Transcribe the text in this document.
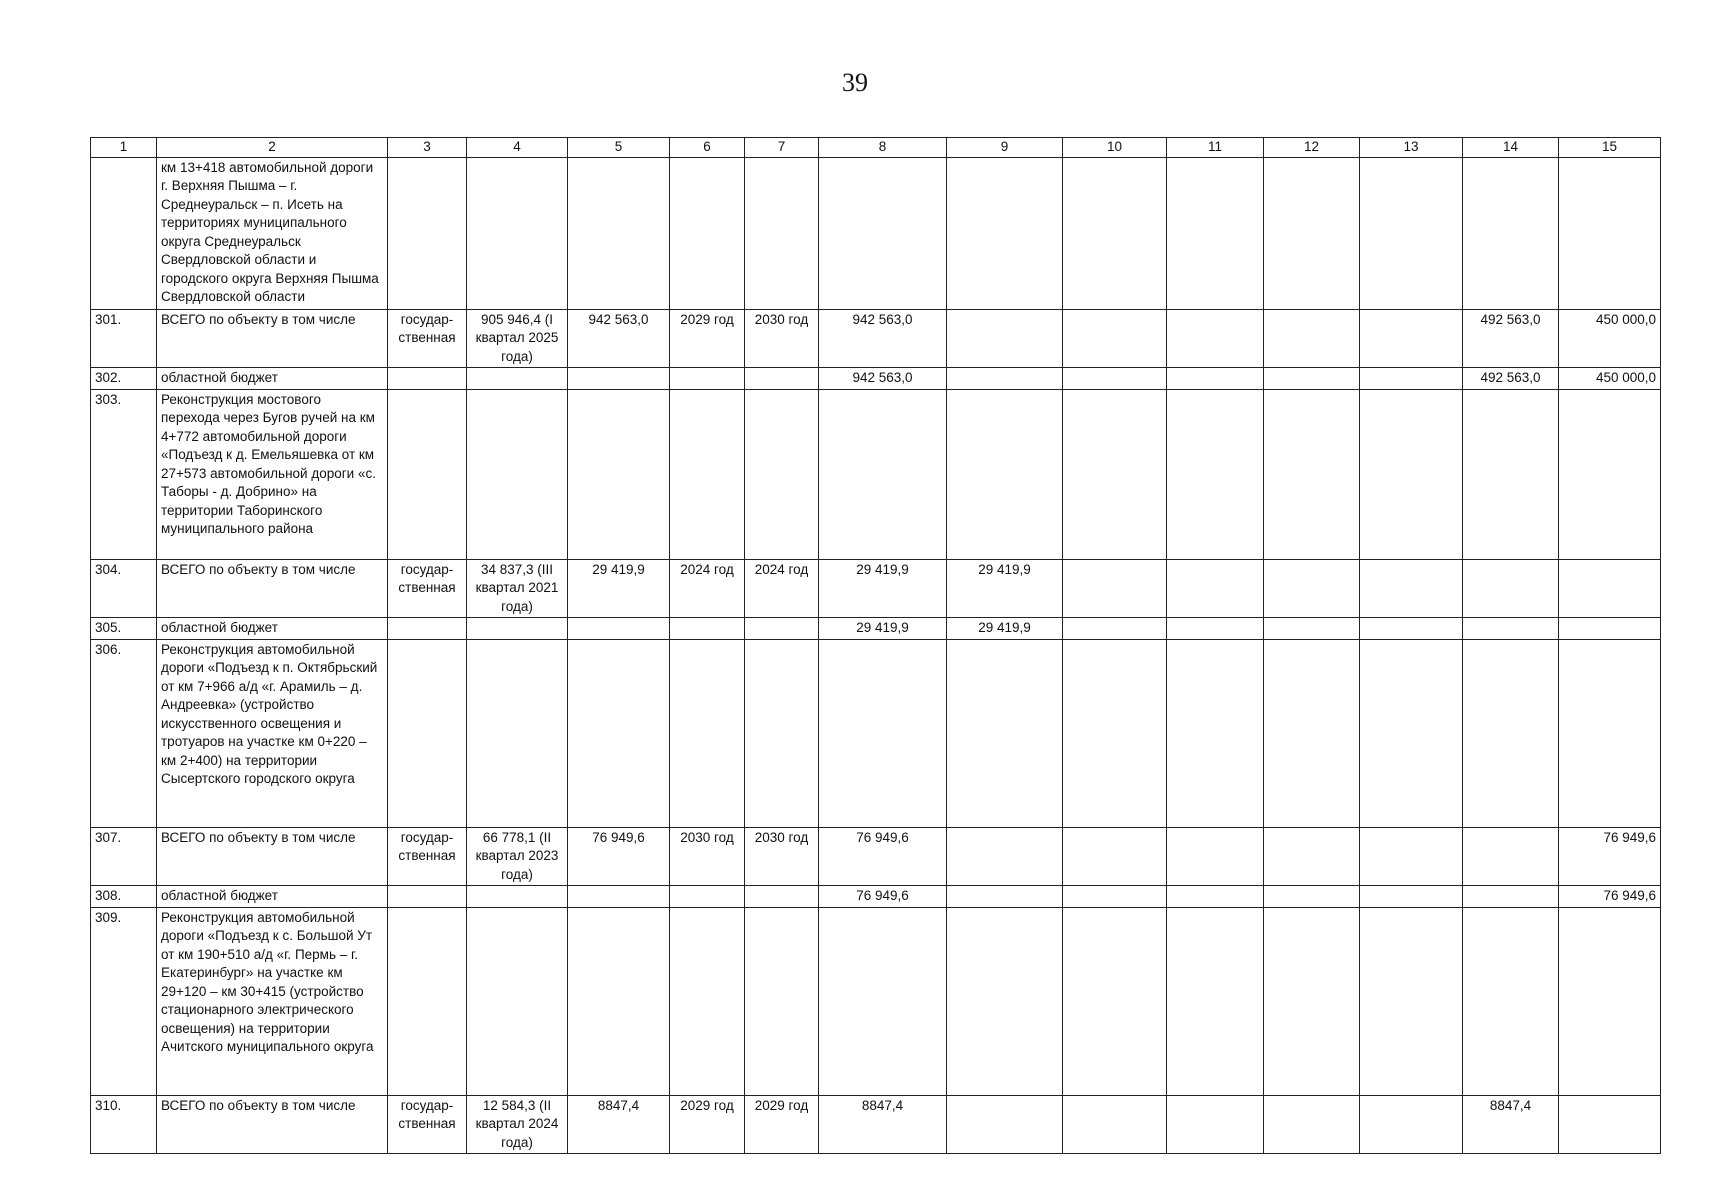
39
1	2	3	4	5	6	7	8	9	10	11	12	13	14	15
	км 13+418 автомобильной дороги г. Верхняя Пышма – г. Среднеуральск – п. Исеть на территориях муниципального округа Среднеуральск Свердловской области и городского округа Верхняя Пышма Свердловской области													
301.	ВСЕГО по объекту в том числе	государ-ственная	905 946,4 (I квартал 2025 года)	942 563,0	2029 год	2030 год	942 563,0						492 563,0	450 000,0
302.	областной бюджет						942 563,0						492 563,0	450 000,0
303.	Реконструкция мостового перехода через Бугов ручей на км 4+772 автомобильной дороги «Подъезд к д. Емельяшевка от км 27+573 автомобильной дороги «с. Таборы - д. Добрино» на территории Таборинского муниципального района													
304.	ВСЕГО по объекту в том числе	государ-ственная	34 837,3 (III квартал 2021 года)	29 419,9	2024 год	2024 год	29 419,9	29 419,9						
305.	областной бюджет						29 419,9	29 419,9						
306.	Реконструкция автомобильной дороги «Подъезд к п. Октябрьский от км 7+966 а/д «г. Арамиль – д. Андреевка» (устройство искусственного освещения и тротуаров на участке км 0+220 – км 2+400) на территории Сысертского городского округа													
307.	ВСЕГО по объекту в том числе	государ-ственная	66 778,1 (II квартал 2023 года)	76 949,6	2030 год	2030 год	76 949,6							76 949,6
308.	областной бюджет						76 949,6							76 949,6
309.	Реконструкция автомобильной дороги «Подъезд к с. Большой Ут от км 190+510 а/д «г. Пермь – г. Екатеринбург» на участке км 29+120 – км 30+415 (устройство стационарного электрического освещения) на территории Ачитского муниципального округа													
310.	ВСЕГО по объекту в том числе	государ-ственная	12 584,3 (II квартал 2024 года)	8847,4	2029 год	2029 год	8847,4						8847,4	
